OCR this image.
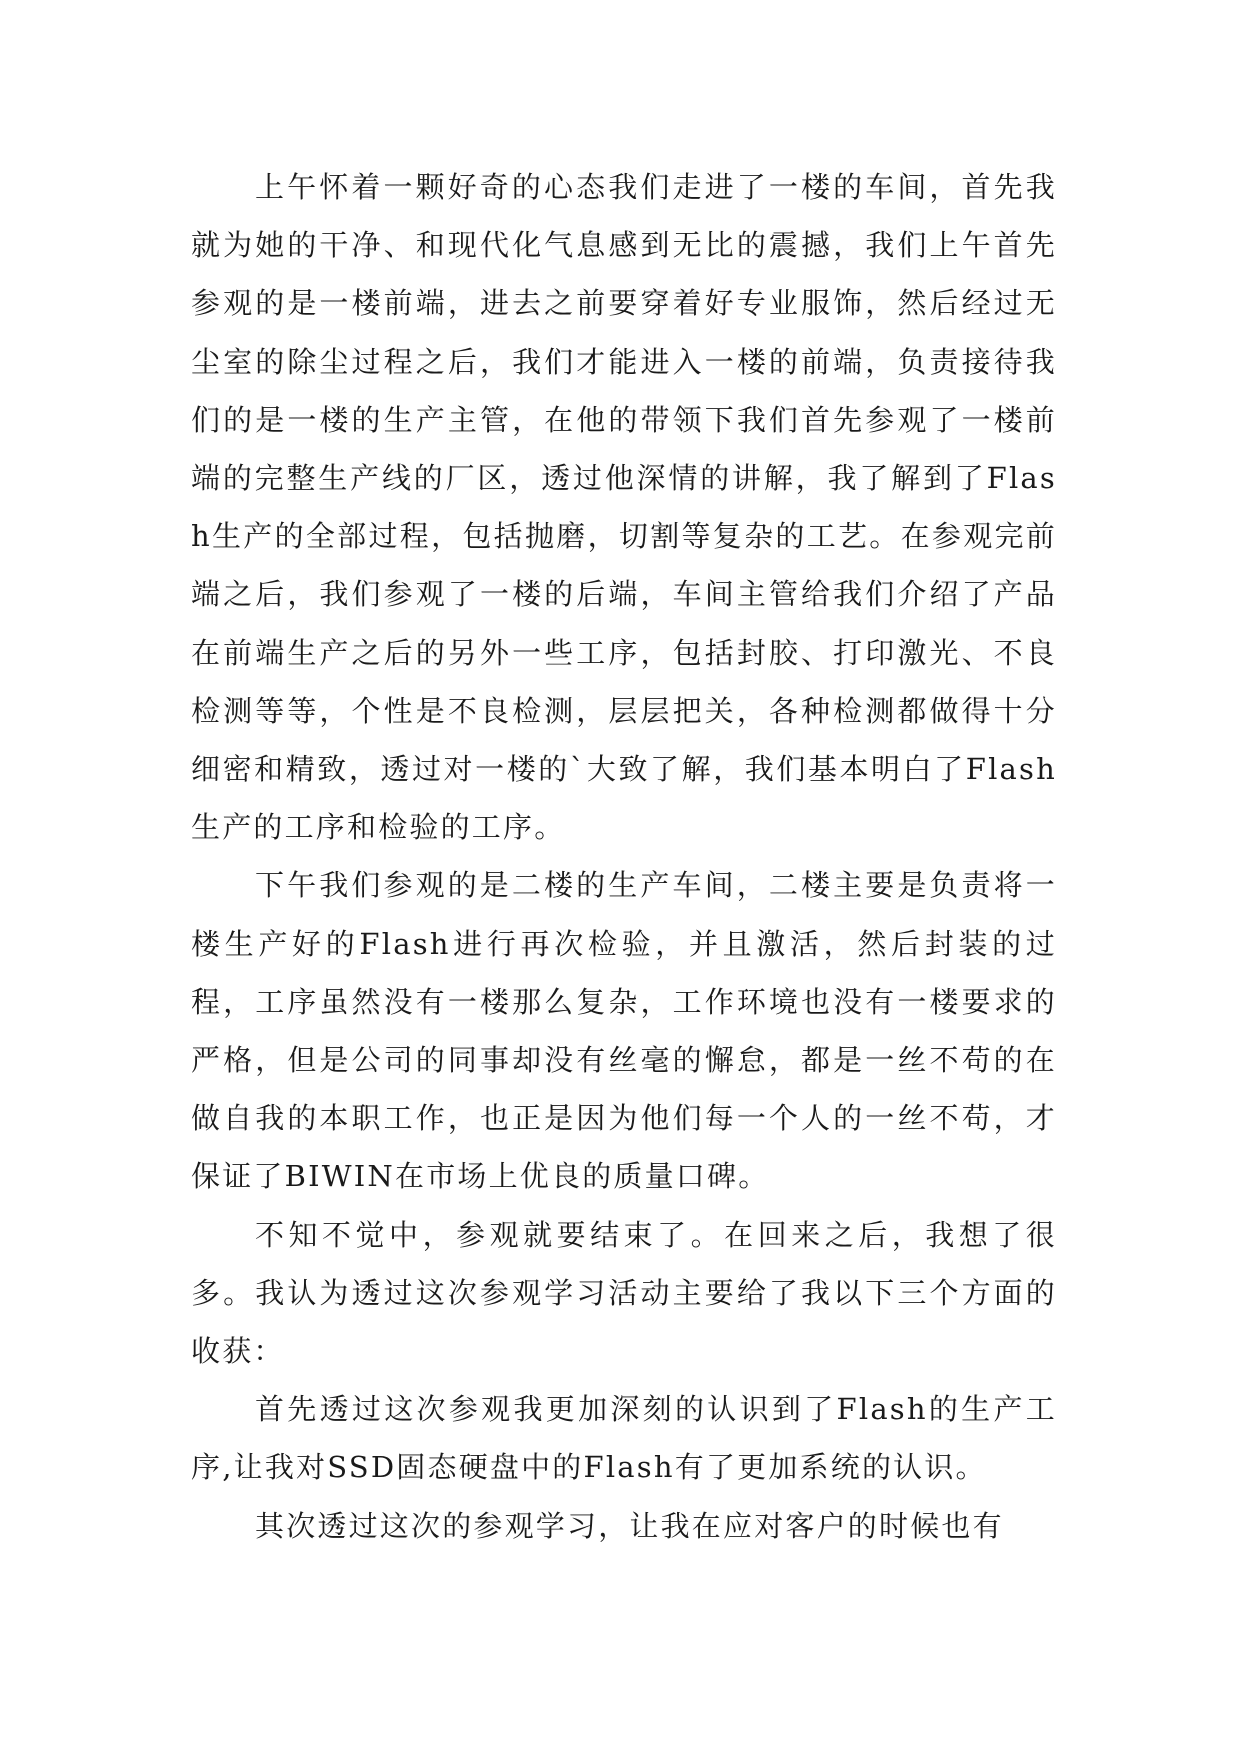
上午怀着一颗好奇的心态我们走进了一楼的车间，首先我就为她的干净、和现代化气息感到无比的震撼，我们上午首先参观的是一楼前端，进去之前要穿着好专业服饰，然后经过无尘室的除尘过程之后，我们才能进入一楼的前端，负责接待我们的是一楼的生产主管，在他的带领下我们首先参观了一楼前端的完整生产线的厂区，透过他深情的讲解，我了解到了Flash生产的全部过程，包括抛磨，切割等复杂的工艺。在参观完前端之后，我们参观了一楼的后端，车间主管给我们介绍了产品在前端生产之后的另外一些工序，包括封胶、打印激光、不良检测等等，个性是不良检测，层层把关，各种检测都做得十分细密和精致，透过对一楼的`大致了解，我们基本明白了Flash生产的工序和检验的工序。

下午我们参观的是二楼的生产车间，二楼主要是负责将一楼生产好的Flash进行再次检验，并且激活，然后封装的过程，工序虽然没有一楼那么复杂，工作环境也没有一楼要求的严格，但是公司的同事却没有丝毫的懈怠，都是一丝不苟的在做自我的本职工作，也正是因为他们每一个人的一丝不苟，才保证了BIWIN在市场上优良的质量口碑。

不知不觉中，参观就要结束了。在回来之后，我想了很多。我认为透过这次参观学习活动主要给了我以下三个方面的收获：

首先透过这次参观我更加深刻的认识到了Flash的生产工序,让我对SSD固态硬盘中的Flash有了更加系统的认识。

其次透过这次的参观学习，让我在应对客户的时候也有
